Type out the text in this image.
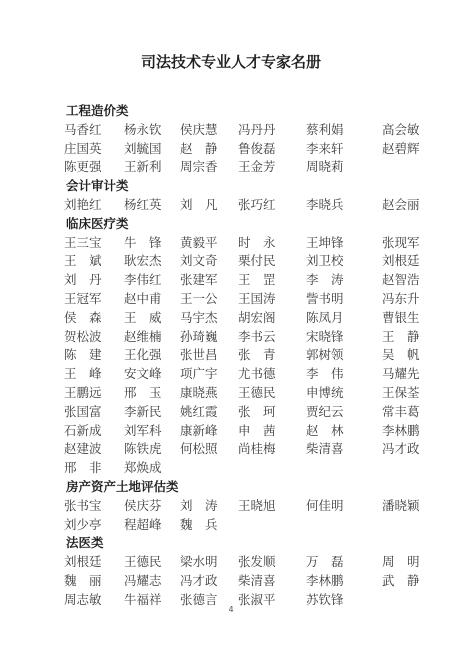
司法技术专业人才专家名册
工程造价类
马香红 杨永钦 侯庆慧 冯丹丹 蔡利娟	高会敏
庄国英 刘毓国 赵　静 鲁俊磊 李来轩	赵碧辉
陈更强 王新利 周宗香 王金芳 周晓莉
会计审计类
刘艳红 杨红英 刘　凡 张巧红 李晓兵	赵会丽
临床医疗类
王三宝 牛　锋 黄毅平 时　永 王坤锋	张现军
王　斌 耿宏杰 刘文奇 栗付民 刘卫校	刘根廷
刘　丹 李伟红 张建军 王　罡 李　涛	赵智浩
王冠军 赵中甫 王一公 王国涛 訾书明	冯东升
侯　森 王　威 马宇杰 胡宏阁 陈凤月	曹银生
贺松波 赵维楠 孙琦巍 李书云 宋晓锋	王　静
陈　建 王化强 张世昌 张　青 郭树领	吴　帆
王　峰 安文峰 项广宇 尤书德 李　伟	马耀先
王鹏远 邢　玉 康晓燕 王德民 申博统	王保荃
张国富 李新民 姚红霞 张　珂 贾纪云	常丰葛
石新成 刘军科 康新峰 申　茜 赵　林	李林鹏
赵建波 陈铁虎 何松照 尚桂梅 柴清喜	冯才政
邢　非 郑焕成
房产资产土地评估类
张书宝 侯庆芬 刘　涛 王晓旭 何佳明	潘晓颖
刘少亭 程超峰 魏　兵
法医类
刘根廷 王德民 梁水明 张发顺 万　磊	周　明
魏　丽 冯耀志 冯才政 柴清喜 李林鹏	武　静
周志敏 牛福祥 张德言 张淑平 苏钦锋
4
